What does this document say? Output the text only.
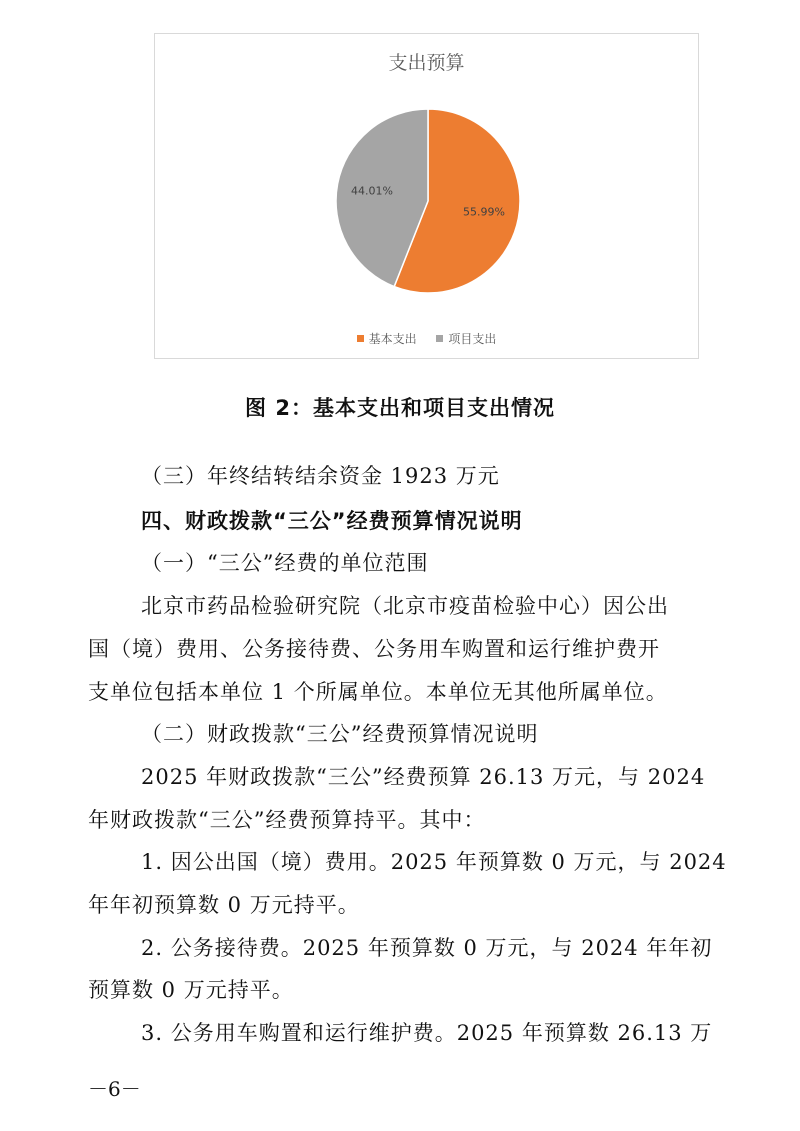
支出预算
55.99%
44.01%
基本支出	项目支出
图 2：基本支出和项目支出情况
（三）年终结转结余资金 1923 万元
四、财政拨款“三公”经费预算情况说明
（一）“三公”经费的单位范围
北京市药品检验研究院（北京市疫苗检验中心）因公出
国（境）费用、公务接待费、公务用车购置和运行维护费开
支单位包括本单位 1 个所属单位。本单位无其他所属单位。
（二）财政拨款“三公”经费预算情况说明
2025 年财政拨款“三公”经费预算 26.13 万元，与 2024
年财政拨款“三公”经费预算持平。其中：
1. 因公出国（境）费用。2025 年预算数 0 万元，与 2024
年年初预算数 0 万元持平。
2. 公务接待费。2025 年预算数 0 万元，与 2024 年年初
预算数 0 万元持平。
3. 公务用车购置和运行维护费。2025 年预算数 26.13 万
－6－
